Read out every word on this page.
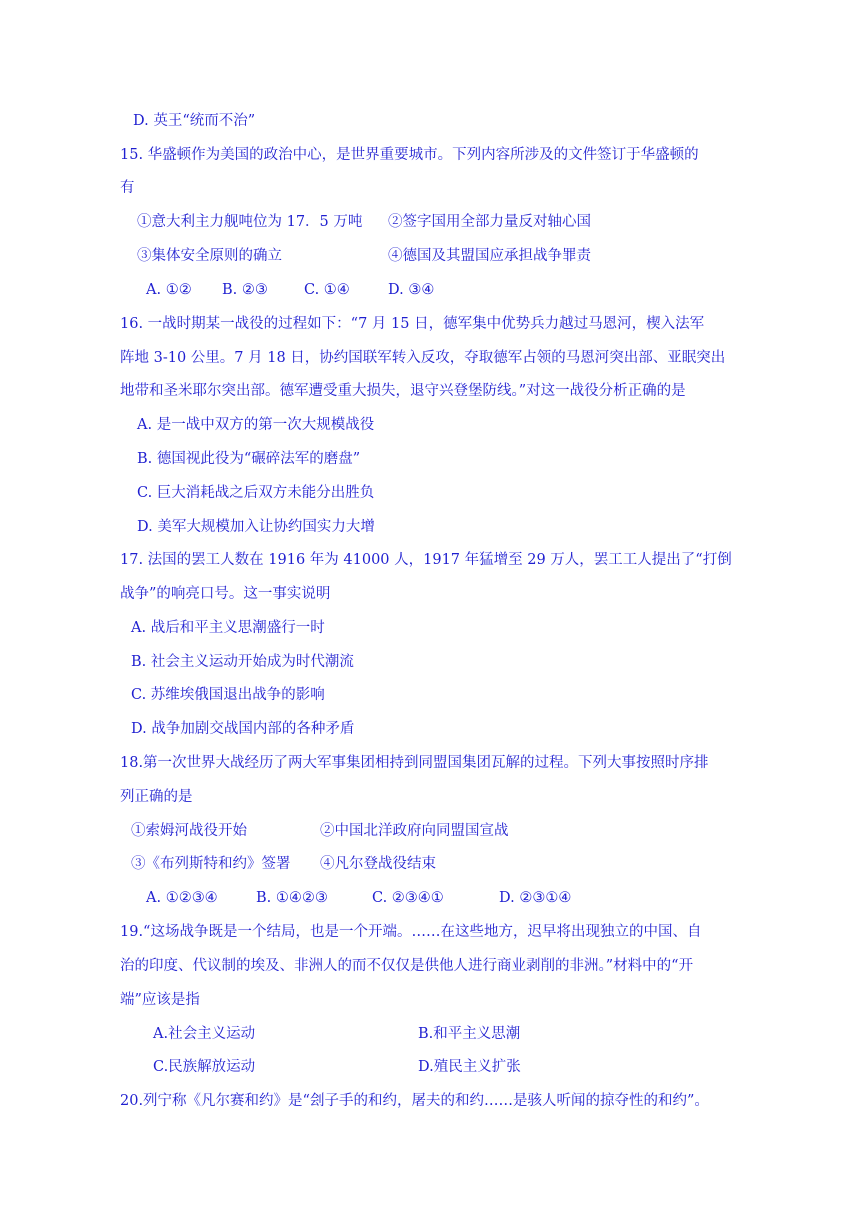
D. 英王“统而不治”
15. 华盛顿作为美国的政治中心，是世界重要城市。下列内容所涉及的文件签订于华盛顿的
有
①意大利主力舰吨位为 17．5 万吨 ②签字国用全部力量反对轴心国
③集体安全原则的确立	④德国及其盟国应承担战争罪责
A. ①② B. ②③ C. ①④	D. ③④
16. 一战时期某一战役的过程如下：“7 月 15 日，德军集中优势兵力越过马恩河，楔入法军
阵地 3-10 公里。7 月 18 日，协约国联军转入反攻，夺取德军占领的马恩河突出部、亚眠突出
地带和圣米耶尔突出部。德军遭受重大损失，退守兴登堡防线。”对这一战役分析正确的是
A. 是一战中双方的第一次大规模战役
B. 德国视此役为“碾碎法军的磨盘”
C. 巨大消耗战之后双方未能分出胜负
D. 美军大规模加入让协约国实力大增
17. 法国的罢工人数在 1916 年为 41000 人，1917 年猛增至 29 万人，罢工工人提出了“打倒
战争”的响亮口号。这一事实说明
A. 战后和平主义思潮盛行一时
B. 社会主义运动开始成为时代潮流
C. 苏维埃俄国退出战争的影响
D. 战争加剧交战国内部的各种矛盾
18.第一次世界大战经历了两大军事集团相持到同盟国集团瓦解的过程。下列大事按照时序排
列正确的是
①索姆河战役开始	②中国北洋政府向同盟国宣战
③《布列斯特和约》签署 ④凡尔登战役结束
A. ①②③④	B. ①④②③	C. ②③④①	D. ②③①④
19.“这场战争既是一个结局，也是一个开端。……在这些地方，迟早将出现独立的中国、自
治的印度、代议制的埃及、非洲人的而不仅仅是供他人进行商业剥削的非洲。”材料中的“开
端”应该是指
A.社会主义运动	B.和平主义思潮
C.民族解放运动	D.殖民主义扩张
20.列宁称《凡尔赛和约》是“刽子手的和约，屠夫的和约……是骇人听闻的掠夺性的和约”。
